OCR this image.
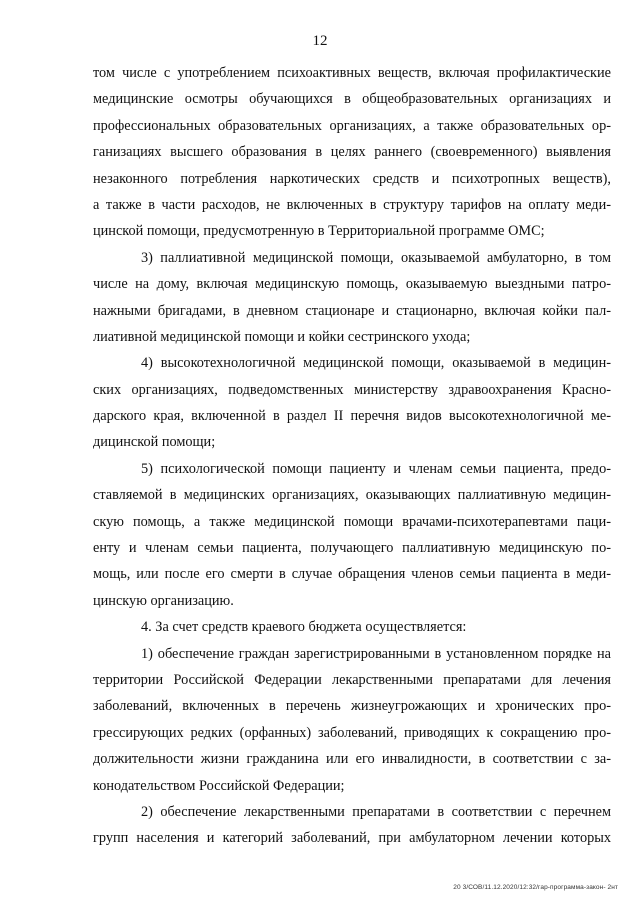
12
том числе с употреблением психоактивных веществ, включая профилактические
медицинские осмотры обучающихся в общеобразовательных организациях и
профессиональных образовательных организациях, а также образовательных ор-
ганизациях высшего образования в целях раннего (своевременного) выявления
незаконного потребления наркотических средств и психотропных веществ),
а также в части расходов, не включенных в структуру тарифов на оплату меди-
цинской помощи, предусмотренную в Территориальной программе ОМС;
3) паллиативной медицинской помощи, оказываемой амбулаторно, в том
числе на дому, включая медицинскую помощь, оказываемую выездными патро-
нажными бригадами, в дневном стационаре и стационарно, включая койки пал-
лиативной медицинской помощи и койки сестринского ухода;
4) высокотехнологичной медицинской помощи, оказываемой в медицин-
ских организациях, подведомственных министерству здравоохранения Красно-
дарского края, включенной в раздел II перечня видов высокотехнологичной ме-
дицинской помощи;
5) психологической помощи пациенту и членам семьи пациента, предо-
ставляемой в медицинских организациях, оказывающих паллиативную медицин-
скую помощь, а также медицинской помощи врачами-психотерапевтами паци-
енту и членам семьи пациента, получающего паллиативную медицинскую по-
мощь, или после его смерти в случае обращения членов семьи пациента в меди-
цинскую организацию.
4. За счет средств краевого бюджета осуществляется:
1) обеспечение граждан зарегистрированными в установленном порядке на
территории Российской Федерации лекарственными препаратами для лечения
заболеваний, включенных в перечень жизнеугрожающих и хронических про-
грессирующих редких (орфанных) заболеваний, приводящих к сокращению про-
должительности жизни гражданина или его инвалидности, в соответствии с за-
конодательством Российской Федерации;
2) обеспечение лекарственными препаратами в соответствии с перечнем
групп населения и категорий заболеваний, при амбулаторном лечении которых
20 3/СОВ/11.12.2020/12:32/гар-программа-закон- 2нт
